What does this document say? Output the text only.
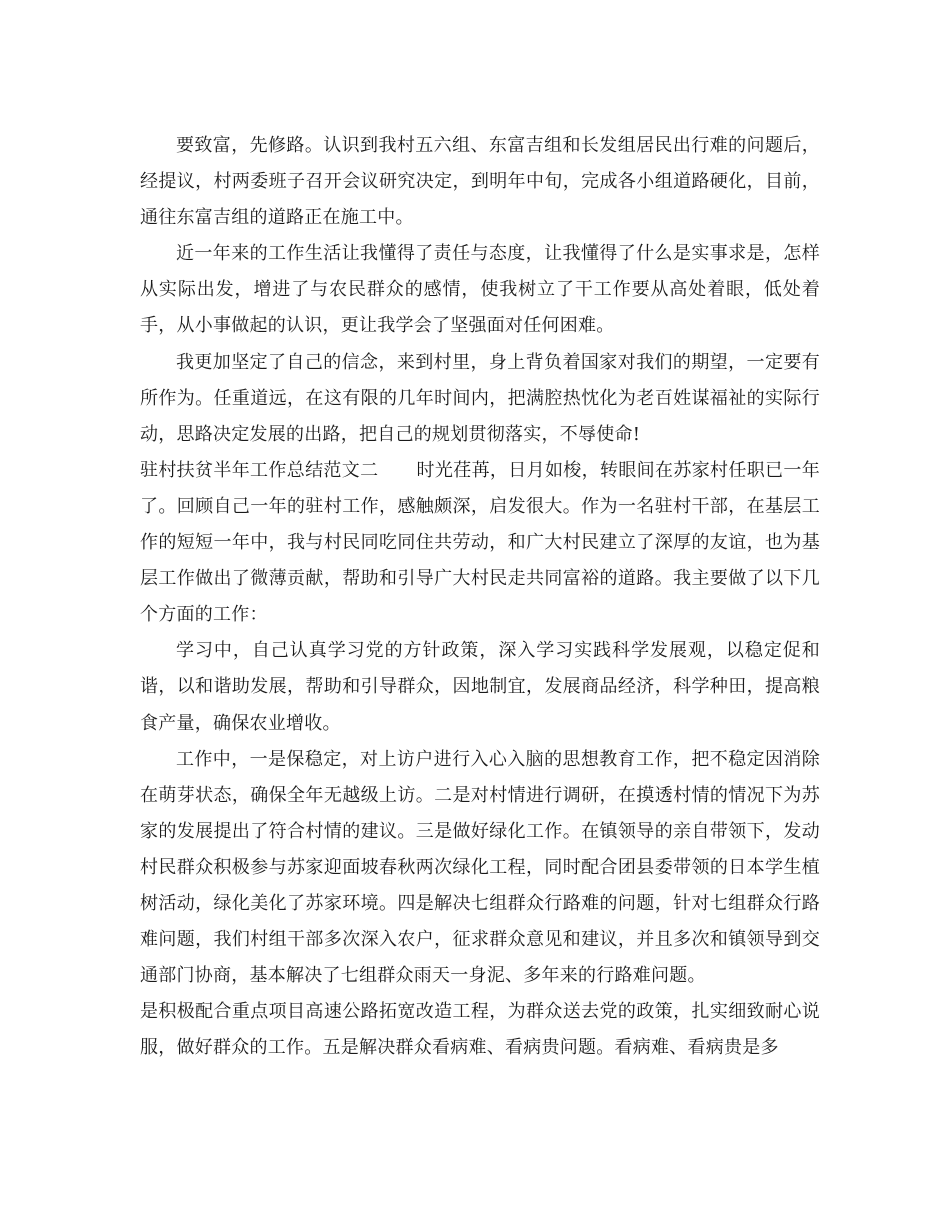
要致富，先修路。认识到我村五六组、东富吉组和长发组居民出行难的问题后，经提议，村两委班子召开会议研究决定，到明年中旬，完成各小组道路硬化，目前，通往东富吉组的道路正在施工中。

近一年来的工作生活让我懂得了责任与态度，让我懂得了什么是实事求是，怎样从实际出发，增进了与农民群众的感情，使我树立了干工作要从高处着眼，低处着手，从小事做起的认识，更让我学会了坚强面对任何困难。

我更加坚定了自己的信念，来到村里，身上背负着国家对我们的期望，一定要有所作为。任重道远，在这有限的几年时间内，把满腔热忱化为老百姓谋福祉的实际行动，思路决定发展的出路，把自己的规划贯彻落实，不辱使命!

驻村扶贫半年工作总结范文二 时光荏苒，日月如梭，转眼间在苏家村任职已一年了。回顾自己一年的驻村工作，感触颇深，启发很大。作为一名驻村干部，在基层工作的短短一年中，我与村民同吃同住共劳动，和广大村民建立了深厚的友谊，也为基层工作做出了微薄贡献，帮助和引导广大村民走共同富裕的道路。我主要做了以下几个方面的工作：

学习中，自己认真学习党的方针政策，深入学习实践科学发展观，以稳定促和谐，以和谐助发展，帮助和引导群众，因地制宜，发展商品经济，科学种田，提高粮食产量，确保农业增收。

工作中，一是保稳定，对上访户进行入心入脑的思想教育工作，把不稳定因消除在萌芽状态，确保全年无越级上访。二是对村情进行调研，在摸透村情的情况下为苏家的发展提出了符合村情的建议。三是做好绿化工作。在镇领导的亲自带领下，发动村民群众积极参与苏家迎面坡春秋两次绿化工程，同时配合团县委带领的日本学生植树活动，绿化美化了苏家环境。四是解决七组群众行路难的问题，针对七组群众行路难问题，我们村组干部多次深入农户，征求群众意见和建议，并且多次和镇领导到交通部门协商，基本解决了七组群众雨天一身泥、多年来的行路难问题。

是积极配合重点项目高速公路拓宽改造工程，为群众送去党的政策，扎实细致耐心说服，做好群众的工作。五是解决群众看病难、看病贵问题。看病难、看病贵是多
